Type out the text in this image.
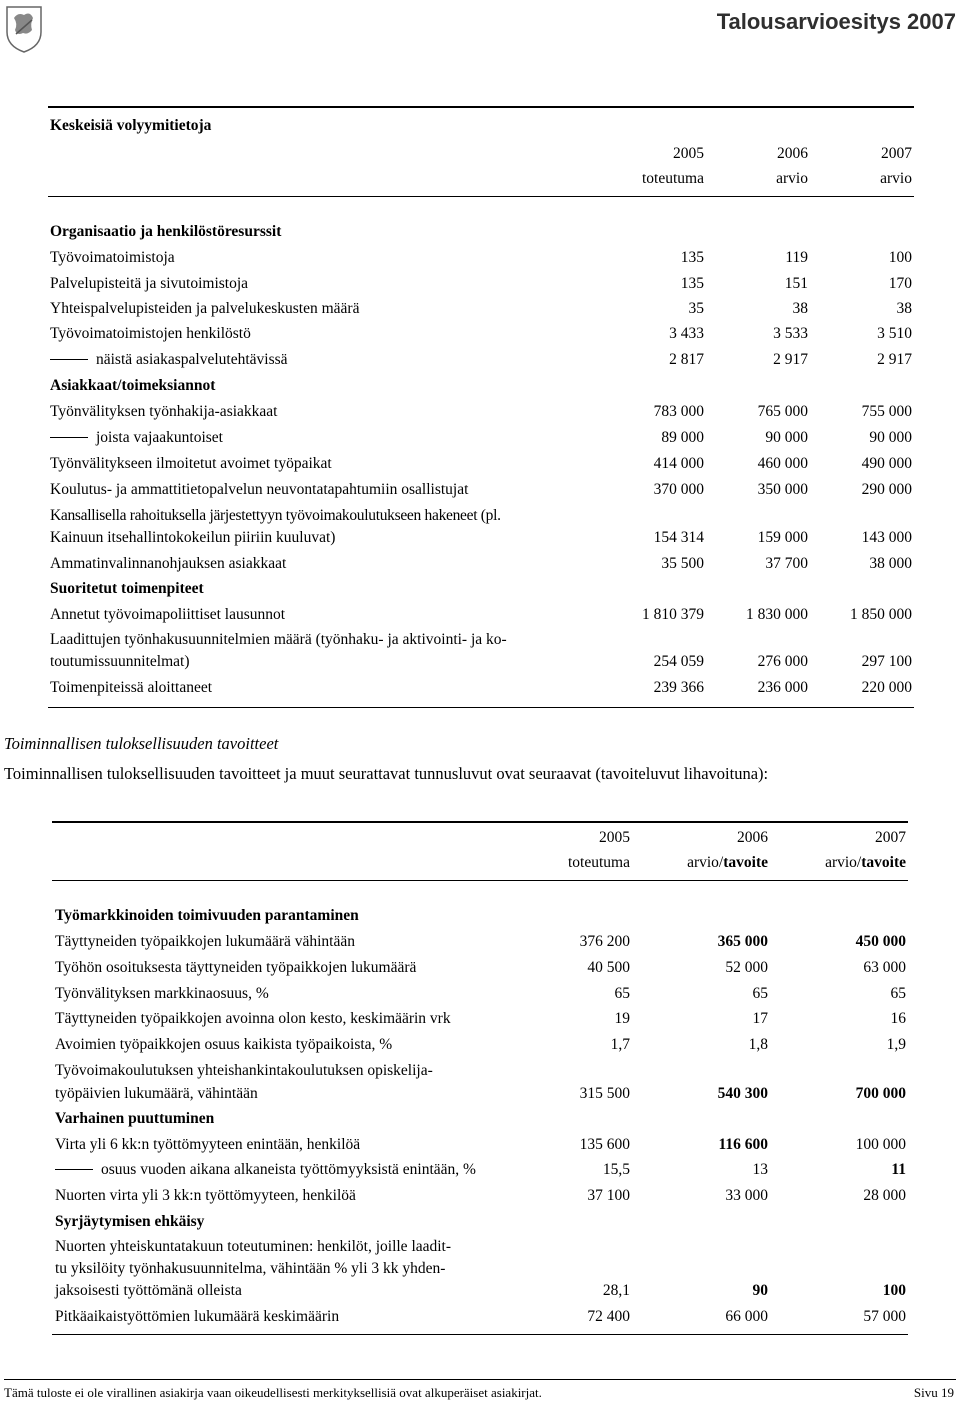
Talousarvioesitys 2007
Keskeisiä volyymitietoja
2005	2006	2007
toteutuma	arvio	arvio
Organisaatio ja henkilöstöresurssit
Työvoimatoimistoja	135	119	100
Palvelupisteitä ja sivutoimistoja	135	151	170
Yhteispalvelupisteiden ja palvelukeskusten määrä	35	38	38
Työvoimatoimistojen henkilöstö	3 433	3 533	3 510
näistä asiakaspalvelutehtävissä	2 817	2 917	2 917
Asiakkaat/toimeksiannot
Työnvälityksen työnhakija-asiakkaat	783 000	765 000	755 000
joista vajaakuntoiset	89 000	90 000	90 000
Työnvälitykseen ilmoitetut avoimet työpaikat	414 000	460 000	490 000
Koulutus- ja ammattitietopalvelun neuvontatapahtumiin osallistujat	370 000	350 000	290 000
Kansallisella rahoituksella järjestettyyn työvoimakoulutukseen hakeneet (pl.
Kainuun itsehallintokokeilun piiriin kuuluvat)	154 314	159 000	143 000
Ammatinvalinnanohjauksen asiakkaat	35 500	37 700	38 000
Suoritetut toimenpiteet
Annetut työvoimapoliittiset lausunnot	1 810 379	1 830 000	1 850 000
Laadittujen työnhakusuunnitelmien määrä (työnhaku- ja aktivointi- ja ko-
toutumissuunnitelmat)	254 059	276 000	297 100
Toimenpiteissä aloittaneet	239 366	236 000	220 000
Toiminnallisen tuloksellisuuden tavoitteet
Toiminnallisen tuloksellisuuden tavoitteet ja muut seurattavat tunnusluvut ovat seuraavat (tavoiteluvut lihavoituna):
2005	2006	2007
toteutuma	arvio/tavoite	arvio/tavoite
Työmarkkinoiden toimivuuden parantaminen
Täyttyneiden työpaikkojen lukumäärä vähintään	376 200	365 000	450 000
Työhön osoituksesta täyttyneiden työpaikkojen lukumäärä	40 500	52 000	63 000
Työnvälityksen markkinaosuus, %	65	65	65
Täyttyneiden työpaikkojen avoinna olon kesto, keskimäärin vrk	19	17	16
Avoimien työpaikkojen osuus kaikista työpaikoista, %	1,7	1,8	1,9
Työvoimakoulutuksen yhteishankintakoulutuksen opiskelija-
työpäivien lukumäärä, vähintään	315 500	540 300	700 000
Varhainen puuttuminen
Virta yli 6 kk:n työttömyyteen enintään, henkilöä	135 600	116 600	100 000
osuus vuoden aikana alkaneista työttömyyksistä enintään, %	15,5	13	11
Nuorten virta yli 3 kk:n työttömyyteen, henkilöä	37 100	33 000	28 000
Syrjäytymisen ehkäisy
Nuorten yhteiskuntatakuun toteutuminen: henkilöt, joille laadit-
tu yksilöity työnhakusuunnitelma, vähintään % yli 3 kk yhden-
jaksoisesti työttömänä olleista	28,1	90	100
Pitkäaikaistyöttömien lukumäärä keskimäärin	72 400	66 000	57 000
Tämä tuloste ei ole virallinen asiakirja vaan oikeudellisesti merkityksellisiä ovat alkuperäiset asiakirjat.	Sivu 19
